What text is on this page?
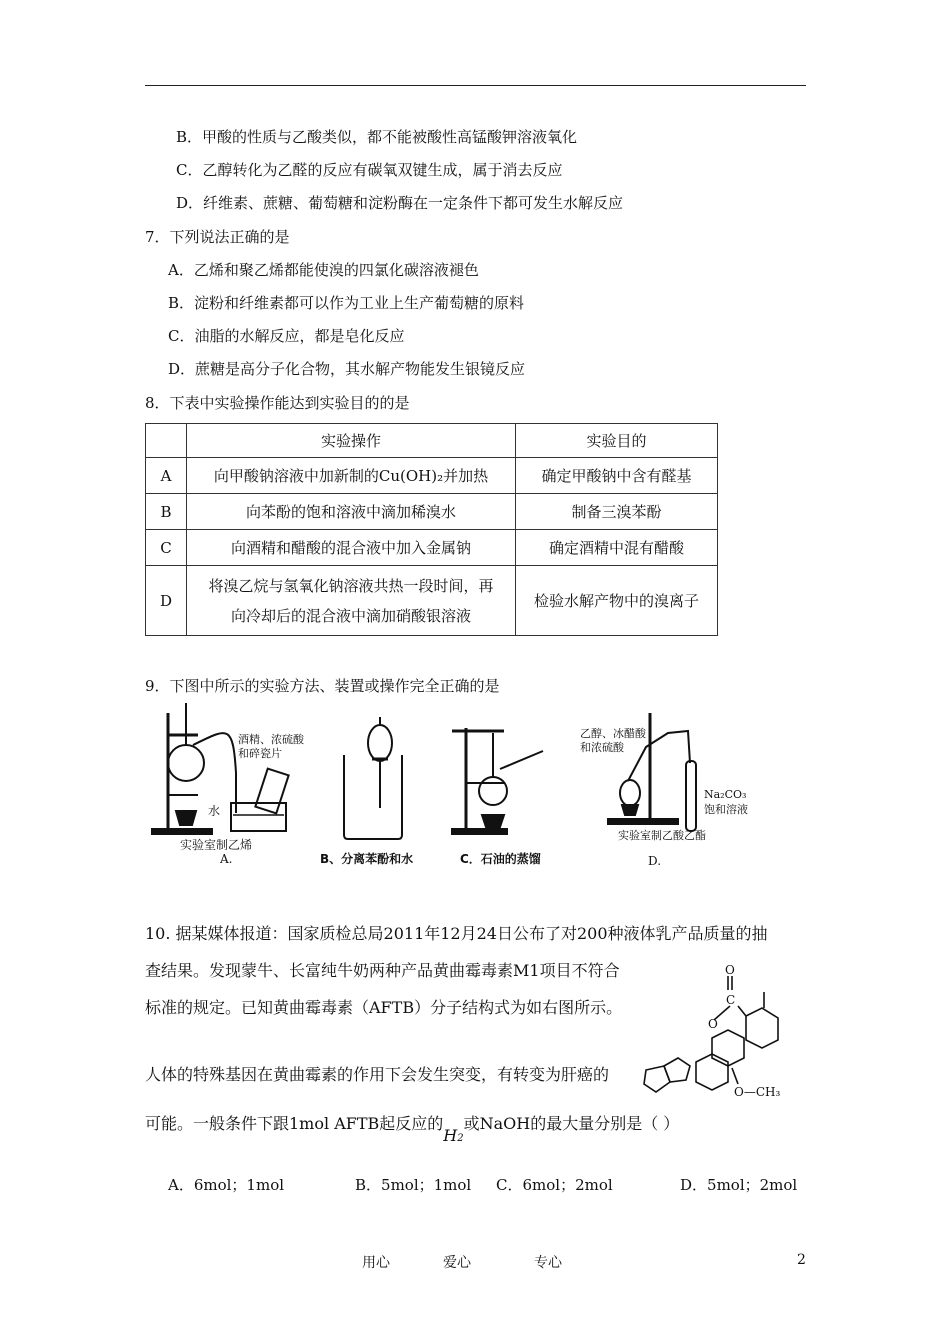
B．甲酸的性质与乙酸类似，都不能被酸性高锰酸钾溶液氧化
C．乙醇转化为乙醛的反应有碳氧双键生成，属于消去反应
D．纤维素、蔗糖、葡萄糖和淀粉酶在一定条件下都可发生水解反应
7．下列说法正确的是
A．乙烯和聚乙烯都能使溴的四氯化碳溶液褪色
B．淀粉和纤维素都可以作为工业上生产葡萄糖的原料
C．油脂的水解反应，都是皂化反应
D．蔗糖是高分子化合物，其水解产物能发生银镜反应
8．下表中实验操作能达到实验目的的是
	实验操作	实验目的
A	向甲酸钠溶液中加新制的Cu(OH)₂并加热	确定甲酸钠中含有醛基
B	向苯酚的饱和溶液中滴加稀溴水	制备三溴苯酚
C	向酒精和醋酸的混合液中加入金属钠	确定酒精中混有醋酸
D	将溴乙烷与氢氧化钠溶液共热一段时间，再
向冷却后的混合液中滴加硝酸银溶液	检验水解产物中的溴离子
9．下图中所示的实验方法、装置或操作完全正确的是
酒精、浓硫酸
和碎瓷片
水
实验室制乙烯
A.	B、分离苯酚和水	C．石油的蒸馏
乙醇、冰醋酸
和浓硫酸
Na₂CO₃
饱和溶液
实验室制乙酸乙酯
D.
10. 据某媒体报道：国家质检总局2011年12月24日公布了对200种液体乳产品质量的抽
查结果。发现蒙牛、长富纯牛奶两种产品黄曲霉毒素M1项目不符合
标准的规定。已知黄曲霉毒素（AFTB）分子结构式为如右图所示。
人体的特殊基因在黄曲霉素的作用下会发生突变，有转变为肝癌的
可能。一般条件下跟1mol AFTB起反应的H2或NaOH的最大量分别是（ ）
O
C
O
O—CH₃
A．6mol；1mol	B．5mol；1mol C．6mol；2mol	D．5mol；2mol
用心	爱心	专心	2
